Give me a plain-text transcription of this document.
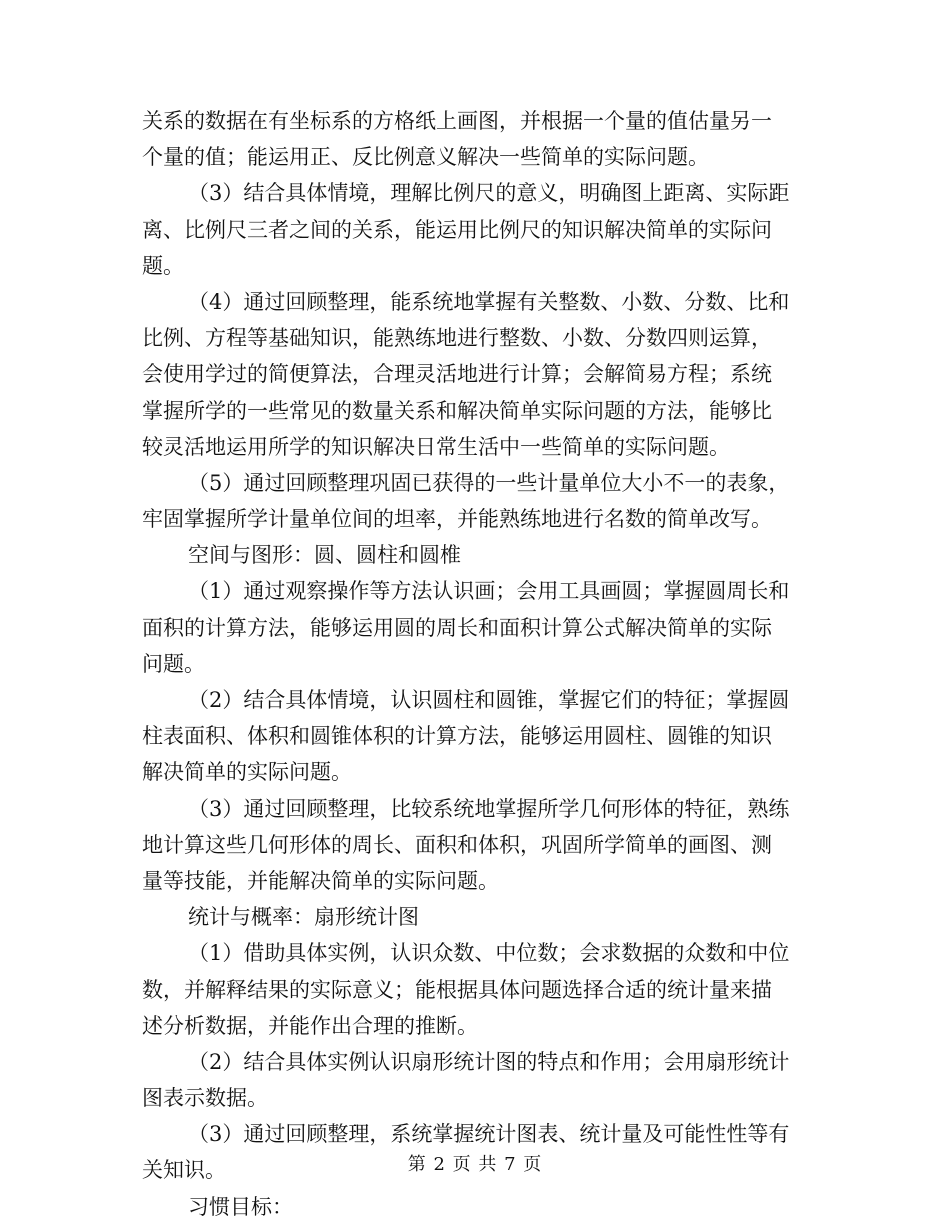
关系的数据在有坐标系的方格纸上画图，并根据一个量的值估量另一
个量的值；能运用正、反比例意义解决一些简单的实际问题。
（3）结合具体情境，理解比例尺的意义，明确图上距离、实际距
离、比例尺三者之间的关系，能运用比例尺的知识解决简单的实际问
题。
（4）通过回顾整理，能系统地掌握有关整数、小数、分数、比和
比例、方程等基础知识，能熟练地进行整数、小数、分数四则运算，
会使用学过的简便算法，合理灵活地进行计算；会解简易方程；系统
掌握所学的一些常见的数量关系和解决简单实际问题的方法，能够比
较灵活地运用所学的知识解决日常生活中一些简单的实际问题。
（5）通过回顾整理巩固已获得的一些计量单位大小不一的表象，
牢固掌握所学计量单位间的坦率，并能熟练地进行名数的简单改写。
空间与图形：圆、圆柱和圆椎
（1）通过观察操作等方法认识画；会用工具画圆；掌握圆周长和
面积的计算方法，能够运用圆的周长和面积计算公式解决简单的实际
问题。
（2）结合具体情境，认识圆柱和圆锥，掌握它们的特征；掌握圆
柱表面积、体积和圆锥体积的计算方法，能够运用圆柱、圆锥的知识
解决简单的实际问题。
（3）通过回顾整理，比较系统地掌握所学几何形体的特征，熟练
地计算这些几何形体的周长、面积和体积，巩固所学简单的画图、测
量等技能，并能解决简单的实际问题。
统计与概率：扇形统计图
（1）借助具体实例，认识众数、中位数；会求数据的众数和中位
数，并解释结果的实际意义；能根据具体问题选择合适的统计量来描
述分析数据，并能作出合理的推断。
（2）结合具体实例认识扇形统计图的特点和作用；会用扇形统计
图表示数据。
（3）通过回顾整理，系统掌握统计图表、统计量及可能性性等有
关知识。
习惯目标：
第 2 页 共 7 页
